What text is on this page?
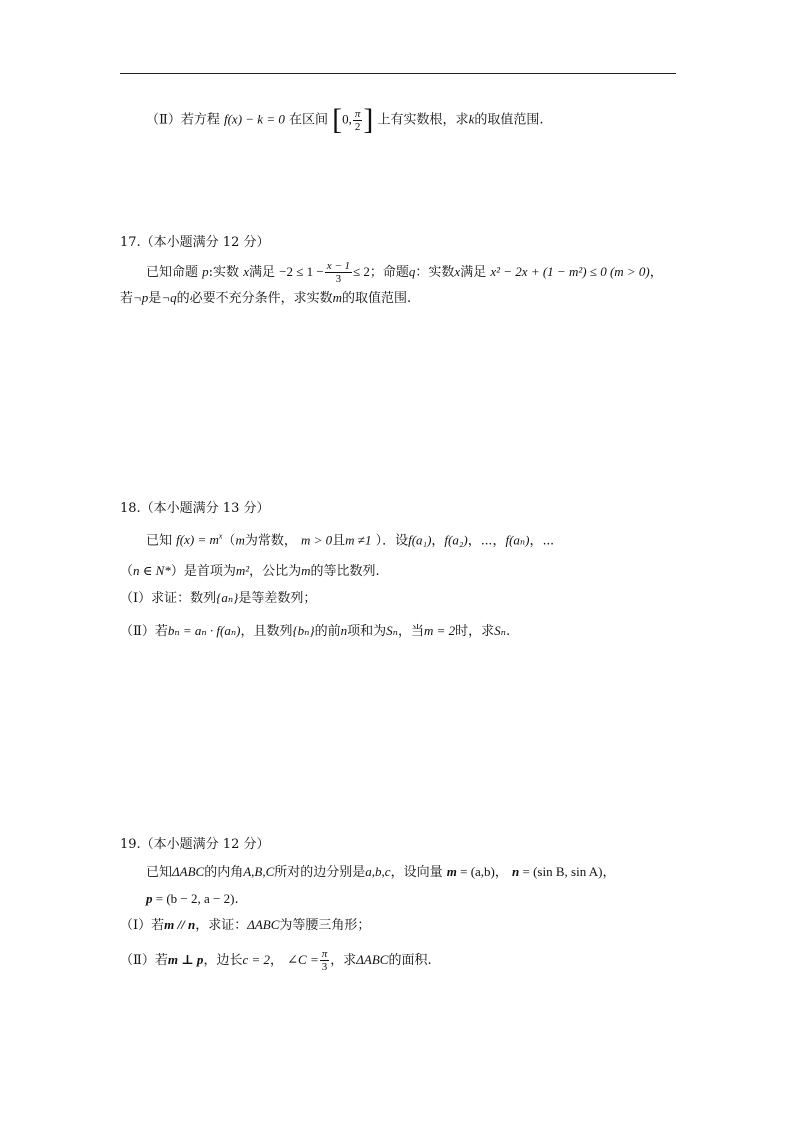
（Ⅱ）若方程 f(x) − k = 0 在区间 [0, $\frac{\pi}{2}$ ] 上有实数根，求k的取值范围.
17.（本小题满分 12 分）
已知命题 p:实数 x满足 $-2 \le 1 - \frac{x - 1}{3} \le 2$；命题q：实数x满足 x² − 2x + (1 − m²) ≤ 0 (m > 0)，
若¬p是¬q的必要不充分条件，求实数m的取值范围.
18.（本小题满分 13 分）
已知 $f(x) = m^x(m$为常数， m > 0且m ≠1 ）．设f(a₁)，f(a₂)，⋯，f(aₙ)，⋯
（n ∈ N*）是首项为m²，公比为m的等比数列.
（Ⅰ）求证：数列{aₙ}是等差数列；
（Ⅱ）若bₙ = aₙ · f(aₙ)，且数列{bₙ}的前n项和为Sₙ，当m = 2时，求Sₙ.
19.（本小题满分 12 分）
已知ΔABC的内角A,B,C所对的边分别是a,b,c，设向量 m = (a,b)， n = (sin B, sin A)，
p = (b − 2, a − 2).
（Ⅰ）若m // n，求证：ΔABC为等腰三角形；
（Ⅱ）若m ⊥ p，边长c = 2， ∠C = $\frac{\pi}{3}$ ，求ΔABC的面积.
